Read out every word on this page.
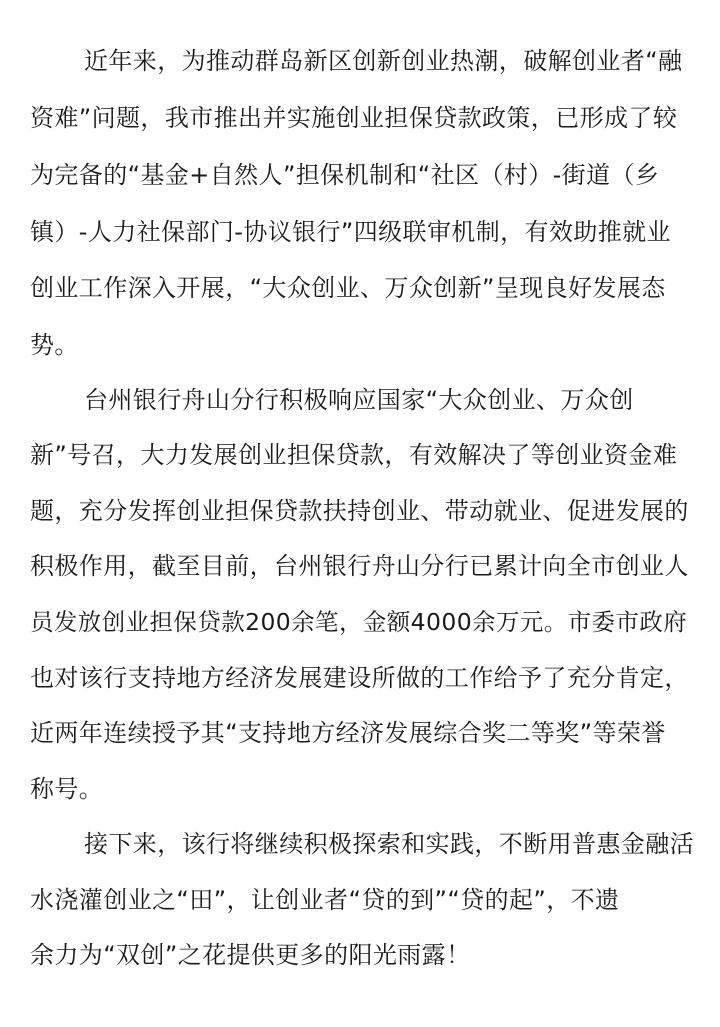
近年来，为推动群岛新区创新创业热潮，破解创业者“融
资难”问题，我市推出并实施创业担保贷款政策，已形成了较
为完备的“基金+自然人”担保机制和“社区（村）-街道（乡
镇）-人力社保部门-协议银行”四级联审机制，有效助推就业
创业工作深入开展，“大众创业、万众创新”呈现良好发展态
势。
台州银行舟山分行积极响应国家“大众创业、万众创
新”号召，大力发展创业担保贷款，有效解决了等创业资金难
题，充分发挥创业担保贷款扶持创业、带动就业、促进发展的
积极作用，截至目前，台州银行舟山分行已累计向全市创业人
员发放创业担保贷款200余笔，金额4000余万元。市委市政府
也对该行支持地方经济发展建设所做的工作给予了充分肯定，
近两年连续授予其“支持地方经济发展综合奖二等奖”等荣誉
称号。
接下来，该行将继续积极探索和实践，不断用普惠金融活
水浇灌创业之“田”，让创业者“贷的到”“贷的起”，不遗
余力为“双创”之花提供更多的阳光雨露！
